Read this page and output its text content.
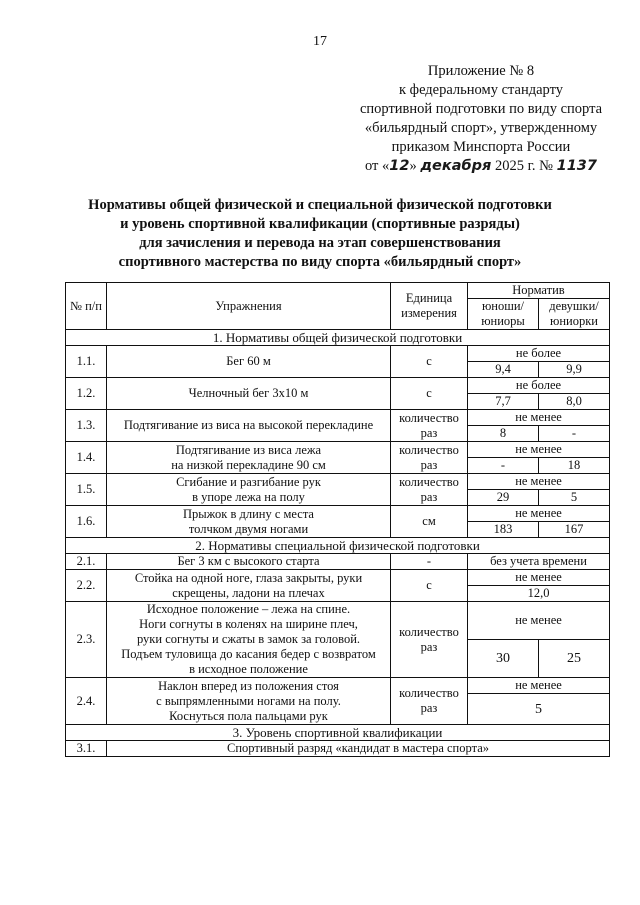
17
Приложение № 8
к федеральному стандарту
спортивной подготовки по виду спорта
«бильярдный спорт», утвержденному
приказом Минспорта России
от «12» декабря 2025 г. № 1137
Нормативы общей физической и специальной физической подготовки
и уровень спортивной квалификации (спортивные разряды)
для зачисления и перевода на этап совершенствования
спортивного мастерства по виду спорта «бильярдный спорт»
№ п/п	Упражнения	Единица измерения	Норматив	
			юноши/ юниоры	девушки/ юниорки
1. Нормативы общей физической подготовки				
1.1.	Бег 60 м	с	не более	
			9,4	9,9
1.2.	Челночный бег 3х10 м	с	не более	
			7,7	8,0
1.3.	Подтягивание из виса на высокой перекладине	количество раз	не менее	
			8	-
1.4.	Подтягивание из виса лежа
на низкой перекладине 90 см	количество раз	не менее	
			-	18
1.5.	Сгибание и разгибание рук
в упоре лежа на полу	количество раз	не менее	
			29	5
1.6.	Прыжок в длину с места
толчком двумя ногами	см	не менее	
			183	167
2. Нормативы специальной физической подготовки				
2.1.	Бег 3 км с высокого старта	-	без учета времени	
2.2.	Стойка на одной ноге, глаза закрыты, руки
скрещены, ладони на плечах	с	не менее	
			12,0	
2.3.	Исходное положение – лежа на спине.
Ноги согнуты в коленях на ширине плеч,
руки согнуты и сжаты в замок за головой.
Подъем туловища до касания бедер с возвратом
в исходное положение	количество раз	не менее	
			30	25
2.4.	Наклон вперед из положения стоя
с выпрямленными ногами на полу.
Коснуться пола пальцами рук	количество раз	не менее	
			5	
3. Уровень спортивной квалификации				
3.1.	Спортивный разряд «кандидат в мастера спорта»			
